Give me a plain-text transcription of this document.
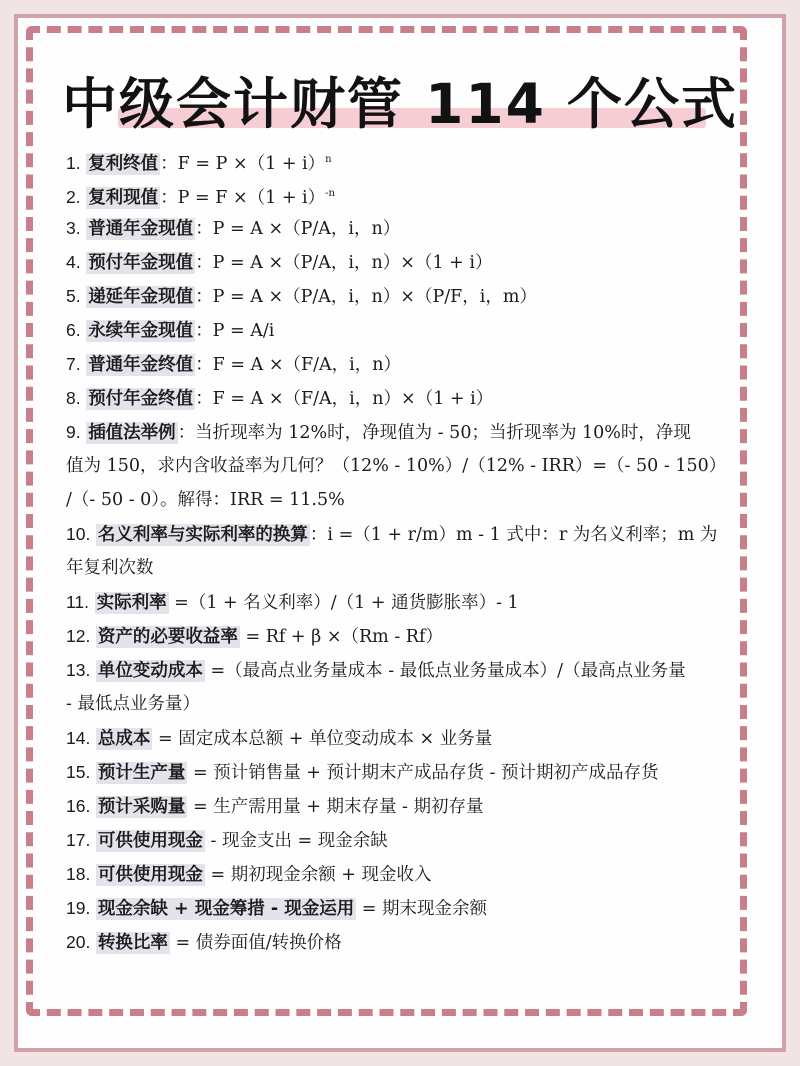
中级会计财管 114 个公式
1. 复利终值 ：$F = P \times(1 + i)^n$
2. 复利现值 ：$P = F \times(1 + i)^{-n}$
3. 普通年金现值 ：P = A ×（P/A，i，n）
4. 预付年金现值 ：P = A ×（P/A，i，n）×（1 + i）
5. 递延年金现值 ：P = A ×（P/A，i，n）×（P/F，i，m）
6. 永续年金现值 ：P = A/i
7. 普通年金终值 ：F = A ×（F/A，i，n）
8. 预付年金终值 ：F = A ×（F/A，i，n）×（1 + i）
9. 插值法举例 ：当折现率为 12%时，净现值为 - 50；当折现率为 10%时，净现
值为 150，求内含收益率为几何？（12% - 10%）/（12% - IRR）=（- 50 - 150）
/（- 50 - 0）。解得：IRR = 11.5%
10. 名义利率与实际利率的换算 ：i =（1 + r/m）m - 1 式中：r 为名义利率；m 为
年复利次数
11. 实际利率 =（1 + 名义利率）/（1 + 通货膨胀率）- 1
12. 资产的必要收益率 = Rf + β ×（Rm - Rf）
13. 单位变动成本 =（最高点业务量成本 - 最低点业务量成本）/（最高点业务量
- 最低点业务量）
14. 总成本 = 固定成本总额 + 单位变动成本 × 业务量
15. 预计生产量 = 预计销售量 + 预计期末产成品存货 - 预计期初产成品存货
16. 预计采购量 = 生产需用量 + 期末存量 - 期初存量
17. 可供使用现金 - 现金支出 = 现金余缺
18. 可供使用现金 = 期初现金余额 + 现金收入
19. 现金余缺 + 现金筹措 - 现金运用 = 期末现金余额
20. 转换比率 = 债券面值/转换价格
